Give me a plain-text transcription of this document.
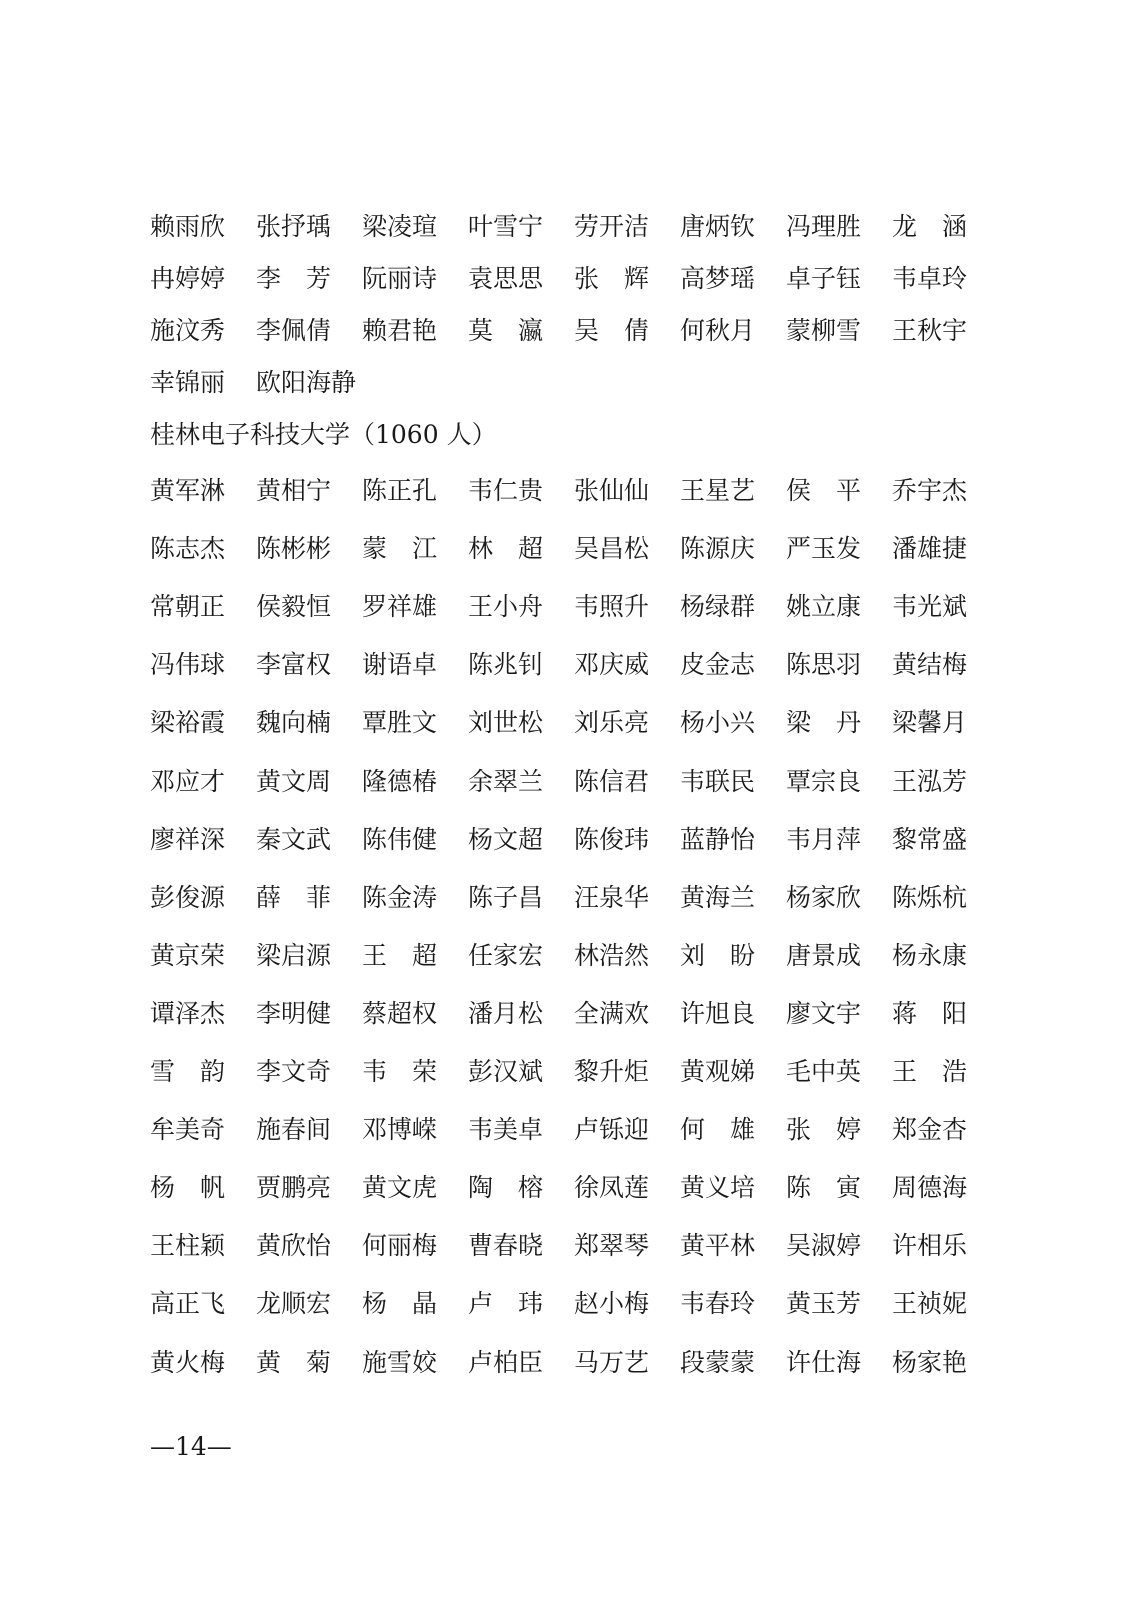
赖雨欣 张抒瑀 梁凌瑄 叶雪宁 劳开洁 唐炳钦 冯理胜 龙　涵
冉婷婷 李　芳 阮丽诗 袁思思 张　辉 高梦瑶 卓子钰 韦卓玲
施汶秀 李佩倩 赖君艳 莫　瀛 吴　倩 何秋月 蒙柳雪 王秋宇
幸锦丽 欧阳海静
桂林电子科技大学（1060 人）
黄军淋 黄相宁 陈正孔 韦仁贵 张仙仙 王星艺 侯　平 乔宇杰
陈志杰 陈彬彬 蒙　江 林　超 吴昌松 陈源庆 严玉发 潘雄捷
常朝正 侯毅恒 罗祥雄 王小舟 韦照升 杨绿群 姚立康 韦光斌
冯伟球 李富权 谢语卓 陈兆钊 邓庆威 皮金志 陈思羽 黄结梅
梁裕霞 魏向楠 覃胜文 刘世松 刘乐亮 杨小兴 梁　丹 梁馨月
邓应才 黄文周 隆德椿 余翠兰 陈信君 韦联民 覃宗良 王泓芳
廖祥深 秦文武 陈伟健 杨文超 陈俊玮 蓝静怡 韦月萍 黎常盛
彭俊源 薛　菲 陈金涛 陈子昌 汪泉华 黄海兰 杨家欣 陈烁杭
黄京荣 梁启源 王　超 任家宏 林浩然 刘　盼 唐景成 杨永康
谭泽杰 李明健 蔡超权 潘月松 全满欢 许旭良 廖文宇 蒋　阳
雪　韵 李文奇 韦　荣 彭汉斌 黎升炬 黄观娣 毛中英 王　浩
牟美奇 施春间 邓博嵘 韦美卓 卢铄迎 何　雄 张　婷 郑金杏
杨　帆 贾鹏亮 黄文虎 陶　榕 徐凤莲 黄义培 陈　寅 周德海
王柱颖 黄欣怡 何丽梅 曹春晓 郑翠琴 黄平林 吴淑婷 许相乐
高正飞 龙顺宏 杨　晶 卢　玮 赵小梅 韦春玲 黄玉芳 王祯妮
黄火梅 黄　菊 施雪姣 卢柏臣 马万艺 段蒙蒙 许仕海 杨家艳
—14—
